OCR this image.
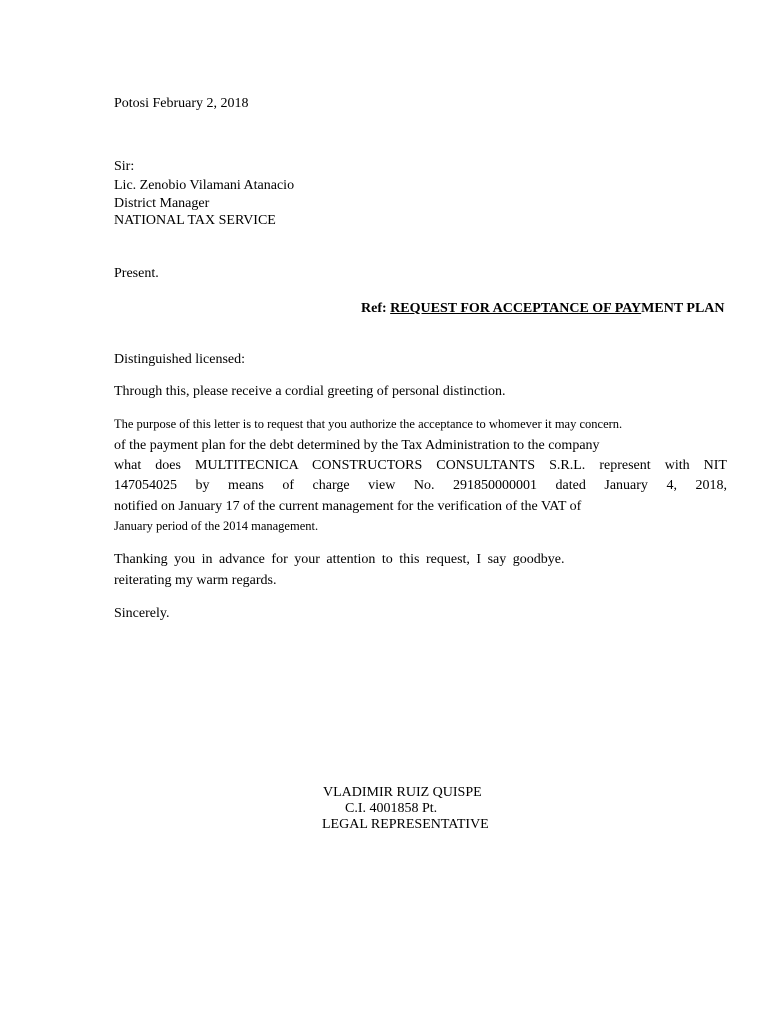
Potosi February 2, 2018
Sir:
Lic. Zenobio Vilamani Atanacio
District Manager
NATIONAL TAX SERVICE
Present.
Ref: REQUEST FOR ACCEPTANCE OF PAYMENT PLAN
Distinguished licensed:
Through this, please receive a cordial greeting of personal distinction.
The purpose of this letter is to request that you authorize the acceptance to whomever it may concern.
of the payment plan for the debt determined by the Tax Administration to the company
what does MULTITECNICA CONSTRUCTORS CONSULTANTS S.R.L. represent with NIT
147054025 by means of charge view No. 291850000001 dated January 4, 2018,
notified on January 17 of the current management for the verification of the VAT of
January period of the 2014 management.
Thanking you in advance for your attention to this request, I say goodbye.
reiterating my warm regards.
Sincerely.
VLADIMIR RUIZ QUISPE
C.I. 4001858 Pt.
LEGAL REPRESENTATIVE
